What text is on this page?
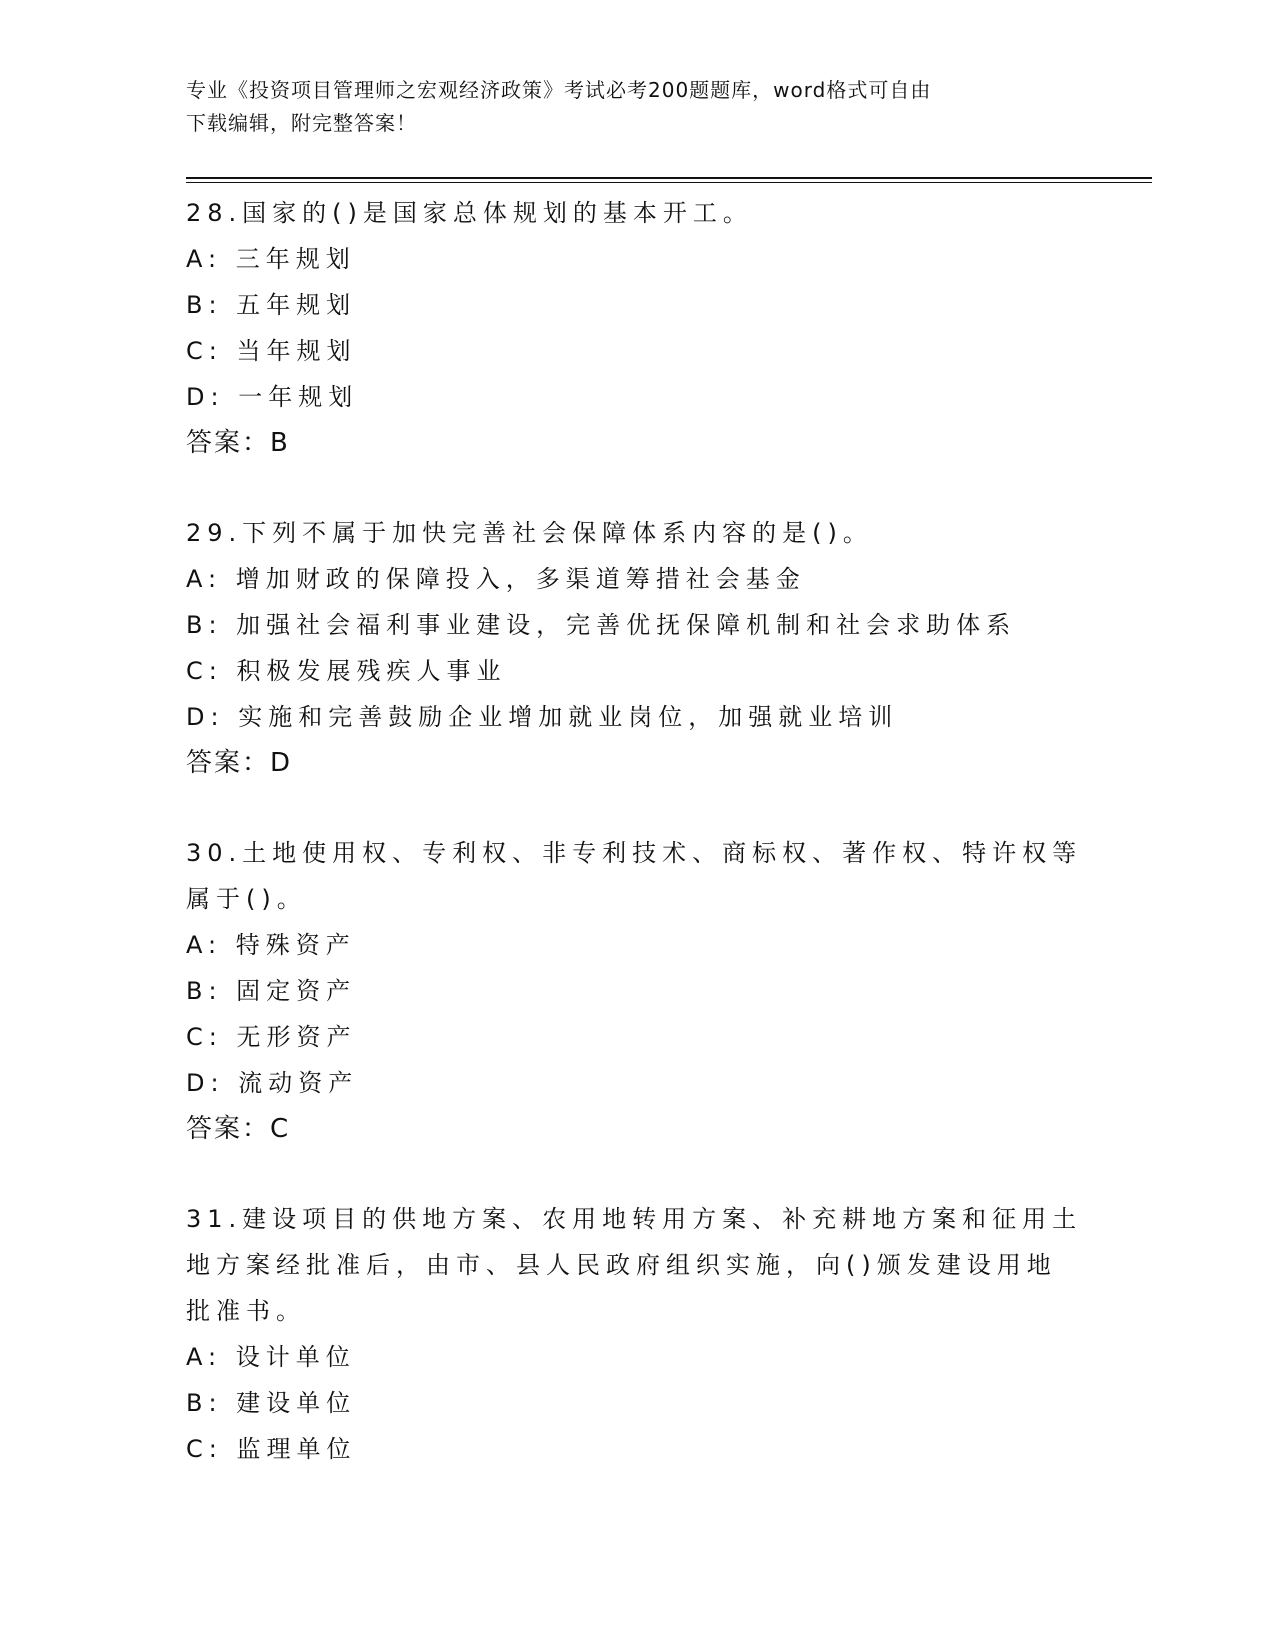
专业《投资项目管理师之宏观经济政策》考试必考200题题库，word格式可自由
下载编辑，附完整答案！
28.国家的()是国家总体规划的基本开工。
A: 三年规划
B: 五年规划
C: 当年规划
D: 一年规划
答案：B
29.下列不属于加快完善社会保障体系内容的是()。
A: 增加财政的保障投入，多渠道筹措社会基金
B: 加强社会福利事业建设，完善优抚保障机制和社会求助体系
C: 积极发展残疾人事业
D: 实施和完善鼓励企业增加就业岗位，加强就业培训
答案：D
30.土地使用权、专利权、非专利技术、商标权、著作权、特许权等属于()。
A: 特殊资产
B: 固定资产
C: 无形资产
D: 流动资产
答案：C
31.建设项目的供地方案、农用地转用方案、补充耕地方案和征用土地方案经批准后，由市、县人民政府组织实施，向()颁发建设用地批准书。
A: 设计单位
B: 建设单位
C: 监理单位
